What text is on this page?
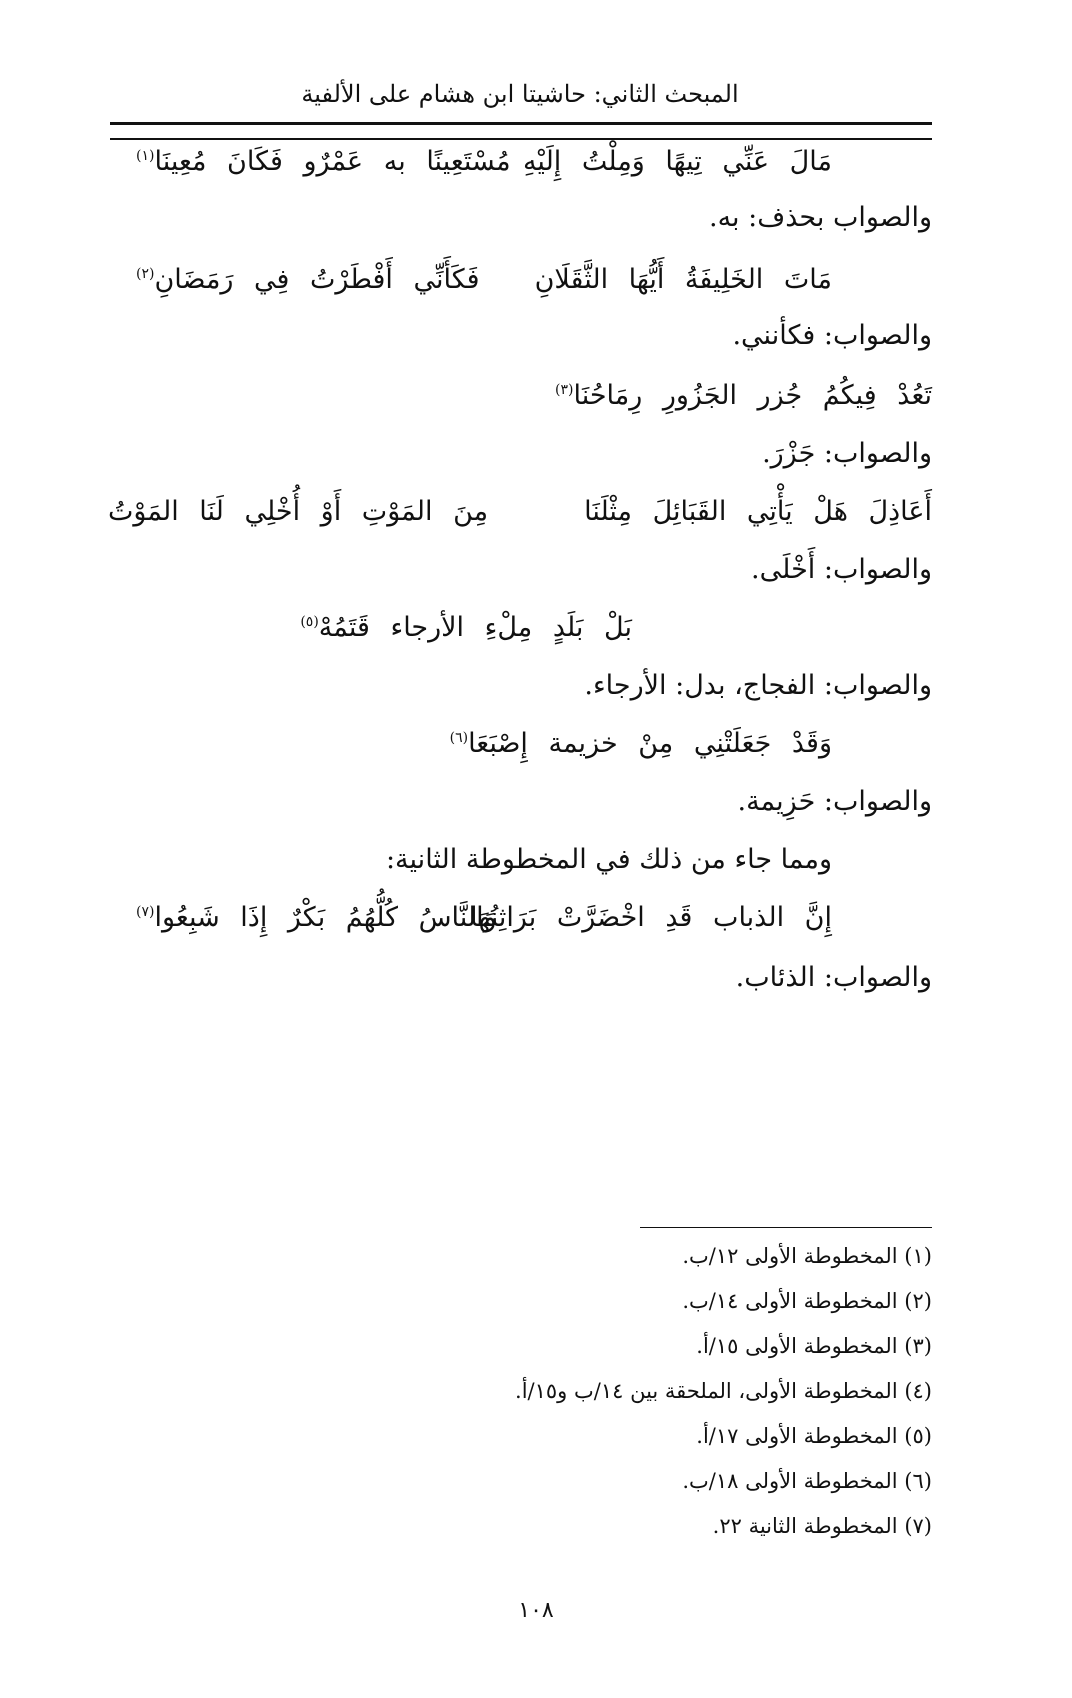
المبحث الثاني: حاشيتا ابن هشام على الألفية
مَالَ عَنِّي تِيهًا وَمِلْتُ إِلَيْهِ
مُسْتَعِينًا به عَمْرٌو فَكَانَ مُعِينَا$^{(١)}$
والصواب بحذف: به.
مَاتَ الخَلِيفَةُ أَيُّهَا الثَّقَلَانِ
فَكَأَنِّي أَفْطَرْتُ فِي رَمَضَانِ$^{(٢)}$
والصواب: فكأنني.
تَعُدْ فِيكُمُ جُزر الجَزُورِ رِمَاحُنَا$^{(٣)}$
والصواب: جَزْرَ.
أَعَاذِلَ هَلْ يَأْتِي القَبَائِلَ مِثْلَنَا
مِنَ المَوْتِ أَوْ أُخْلِي لَنَا المَوْتُ
والصواب: أَخْلَى.
بَلْ بَلَدٍ مِلْءِ الأرجاء قَتَمُهْ$^{(٥)}$
والصواب: الفجاج، بدل: الأرجاء.
وَقَدْ جَعَلَتْنِي مِنْ خزيمة إِصْبَعَا$^{(٦)}$
والصواب: حَزِيمة.
ومما جاء من ذلك في المخطوطة الثانية:
إِنَّ الذباب قَدِ اخْضَرَّتْ بَرَاثِنُهَا
وَالنَّاسُ كُلُّهُمُ بَكْرٌ إِذَا شَبِعُوا$^{(٧)}$
والصواب: الذئاب.
(١) المخطوطة الأولى ١٢/ب.
(٢) المخطوطة الأولى ١٤/ب.
(٣) المخطوطة الأولى ١٥/أ.
(٤) المخطوطة الأولى، الملحقة بين ١٤/ب و١٥/أ.
(٥) المخطوطة الأولى ١٧/أ.
(٦) المخطوطة الأولى ١٨/ب.
(٧) المخطوطة الثانية ٢٢.
١٠٨
